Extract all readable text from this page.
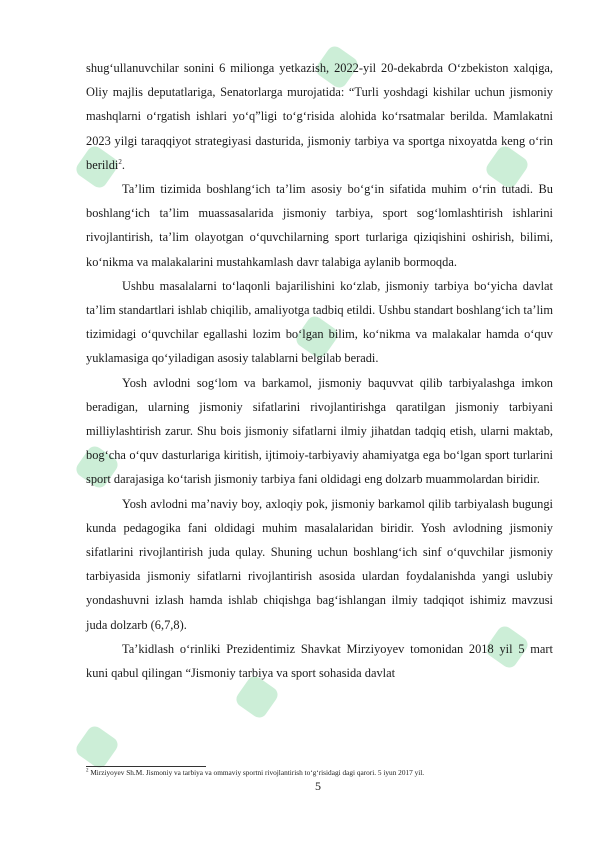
shug‘ullanuvchilar sonini 6 milionga yetkazish, 2022-yil 20-dekabrda O‘zbekiston xalqiga, Oliy majlis deputatlariga, Senatorlarga murojatida: “Turli yoshdagi kishilar uchun jismoniy mashqlarni o‘rgatish ishlari yo‘q”ligi to‘g‘risida alohida ko‘rsatmalar berilda. Mamlakatni 2023 yilgi taraqqiyot strategiyasi dasturida, jismoniy tarbiya va sportga nixoyatda keng o‘rin berildi$^2$.

Ta’lim tizimida boshlang‘ich ta’lim asosiy bo‘g‘in sifatida muhim o‘rin tutadi. Bu boshlang‘ich ta’lim muassasalarida jismoniy tarbiya, sport sog‘lomlashtirish ishlarini rivojlantirish, ta’lim olayotgan o‘quvchilarning sport turlariga qiziqishini oshirish, bilimi, ko‘nikma va malakalarini mustahkamlash davr talabiga aylanib bormoqda.

Ushbu masalalarni to‘laqonli bajarilishini ko‘zlab, jismoniy tarbiya bo‘yicha davlat ta’lim standartlari ishlab chiqilib, amaliyotga tadbiq etildi. Ushbu standart boshlang‘ich ta’lim tizimidagi o‘quvchilar egallashi lozim bo‘lgan bilim, ko‘nikma va malakalar hamda o‘quv yuklamasiga qo‘yiladigan asosiy talablarni belgilab beradi.

Yosh avlodni sog‘lom va barkamol, jismoniy baquvvat qilib tarbiyalashga imkon beradigan, ularning jismoniy sifatlarini rivojlantirishga qaratilgan jismoniy tarbiyani milliylashtirish zarur. Shu bois jismoniy sifatlarni ilmiy jihatdan tadqiq etish, ularni maktab, bog‘cha o‘quv dasturlariga kiritish, ijtimoiy-tarbiyaviy ahamiyatga ega bo‘lgan sport turlarini sport darajasiga ko‘tarish jismoniy tarbiya fani oldidagi eng dolzarb muammolardan biridir.

Yosh avlodni ma’naviy boy, axloqiy pok, jismoniy barkamol qilib tarbiyalash bugungi kunda pedagogika fani oldidagi muhim masalalaridan biridir. Yosh avlodning jismoniy sifatlarini rivojlantirish juda qulay. Shuning uchun boshlang‘ich sinf o‘quvchilar jismoniy tarbiyasida jismoniy sifatlarni rivojlantirish asosida ulardan foydalanishda yangi uslubiy yondashuvni izlash hamda ishlab chiqishga bag‘ishlangan ilmiy tadqiqot ishimiz mavzusi juda dolzarb (6,7,8).

Ta’kidlash o‘rinliki Prezidentimiz Shavkat Mirziyoyev tomonidan 2018 yil 5 mart kuni qabul qilingan “Jismoniy tarbiya va sport sohasida davlat

$^2$ Mirziyoyev Sh.M. Jismoniy va tarbiya va ommaviy sportni rivojlantirish to‘g‘risidagi dagi qarori. 5 iyun 2017 yil.
5
